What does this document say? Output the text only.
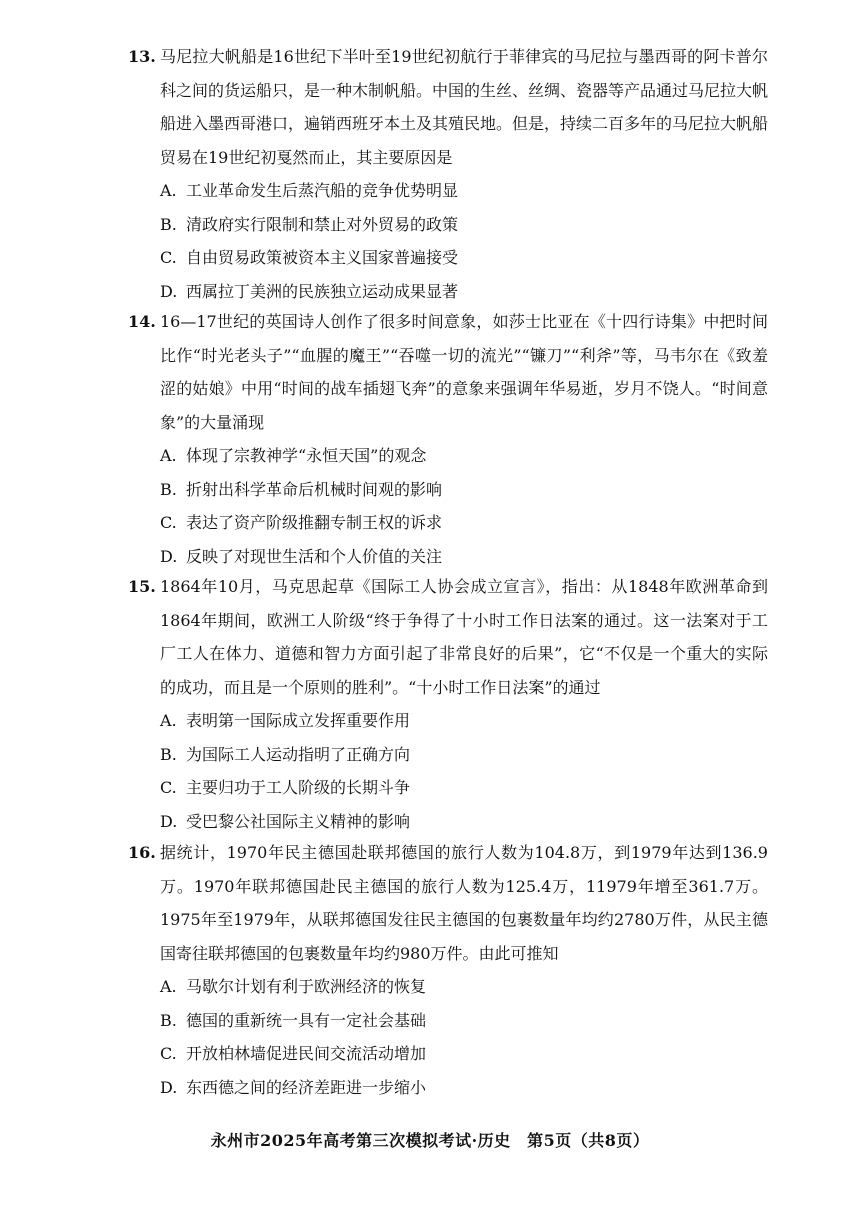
13. 马尼拉大帆船是16世纪下半叶至19世纪初航行于菲律宾的马尼拉与墨西哥的阿卡普尔科之间的货运船只，是一种木制帆船。中国的生丝、丝绸、瓷器等产品通过马尼拉大帆船进入墨西哥港口，遍销西班牙本土及其殖民地。但是，持续二百多年的马尼拉大帆船贸易在19世纪初戛然而止，其主要原因是
A. 工业革命发生后蒸汽船的竞争优势明显
B. 清政府实行限制和禁止对外贸易的政策
C. 自由贸易政策被资本主义国家普遍接受
D. 西属拉丁美洲的民族独立运动成果显著
14. 16—17世纪的英国诗人创作了很多时间意象，如莎士比亚在《十四行诗集》中把时间比作“时光老头子”“血腥的魔王”“吞噬一切的流光”“镰刀”“利斧”等，马韦尔在《致羞涩的姑娘》中用“时间的战车插翅飞奔”的意象来强调年华易逝，岁月不饶人。“时间意象”的大量涌现
A. 体现了宗教神学“永恒天国”的观念
B. 折射出科学革命后机械时间观的影响
C. 表达了资产阶级推翻专制王权的诉求
D. 反映了对现世生活和个人价值的关注
15. 1864年10月，马克思起草《国际工人协会成立宣言》，指出：从1848年欧洲革命到1864年期间，欧洲工人阶级“终于争得了十小时工作日法案的通过。这一法案对于工厂工人在体力、道德和智力方面引起了非常良好的后果”，它“不仅是一个重大的实际的成功，而且是一个原则的胜利”。“十小时工作日法案”的通过
A. 表明第一国际成立发挥重要作用
B. 为国际工人运动指明了正确方向
C. 主要归功于工人阶级的长期斗争
D. 受巴黎公社国际主义精神的影响
16. 据统计，1970年民主德国赴联邦德国的旅行人数为104.8万，到1979年达到136.9万。1970年联邦德国赴民主德国的旅行人数为125.4万，11979年增至361.7万。1975年至1979年，从联邦德国发往民主德国的包裹数量年均约2780万件，从民主德国寄往联邦德国的包裹数量年均约980万件。由此可推知
A. 马歇尔计划有利于欧洲经济的恢复
B. 德国的重新统一具有一定社会基础
C. 开放柏林墙促进民间交流活动增加
D. 东西德之间的经济差距进一步缩小
永州市2025年高考第三次模拟考试·历史　第5页（共8页）
